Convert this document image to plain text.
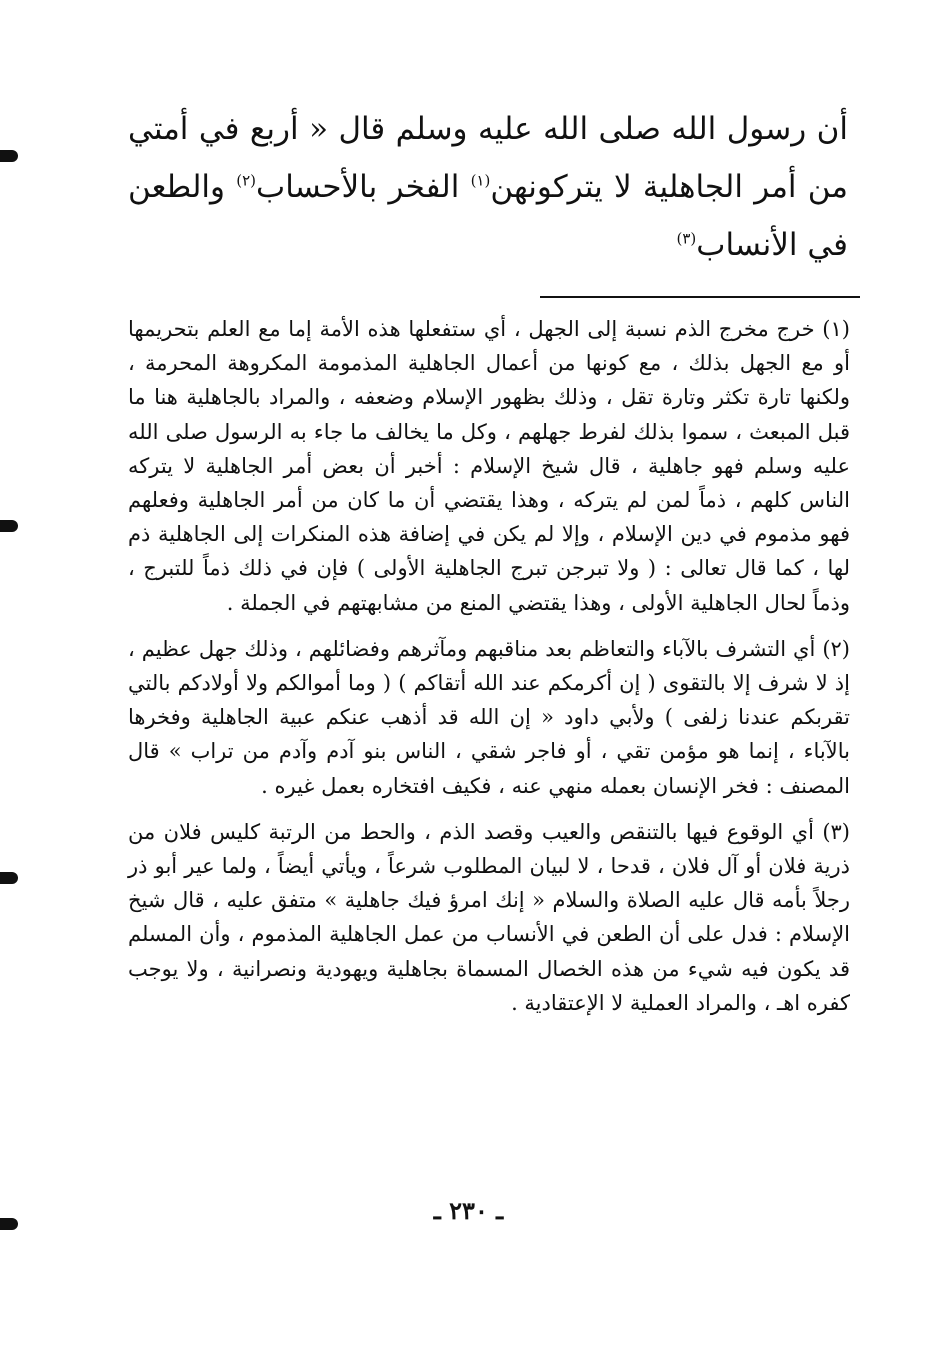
أن رسول الله صلى الله عليه وسلم قال « أربع في أمتي من أمر الجاهلية لا يتركونهن$^{(١)}$ الفخر بالأحساب$^{(٢)}$ والطعن في الأنساب$^{(٣)}$

(١) خرج مخرج الذم نسبة إلى الجهل ، أي ستفعلها هذه الأمة إما مع العلم بتحريمها أو مع الجهل بذلك ، مع كونها من أعمال الجاهلية المذمومة المكروهة المحرمة ، ولكنها تارة تكثر وتارة تقل ، وذلك بظهور الإسلام وضعفه ، والمراد بالجاهلية هنا ما قبل المبعث ، سموا بذلك لفرط جهلهم ، وكل ما يخالف ما جاء به الرسول صلى الله عليه وسلم فهو جاهلية ، قال شيخ الإسلام : أخبر أن بعض أمر الجاهلية لا يتركه الناس كلهم ، ذماً لمن لم يتركه ، وهذا يقتضي أن ما كان من أمر الجاهلية وفعلهم فهو مذموم في دين الإسلام ، وإلا لم يكن في إضافة هذه المنكرات إلى الجاهلية ذم لها ، كما قال تعالى : ( ولا تبرجن تبرج الجاهلية الأولى ) فإن في ذلك ذماً للتبرج ، وذماً لحال الجاهلية الأولى ، وهذا يقتضي المنع من مشابهتهم في الجملة .

(٢) أي التشرف بالآباء والتعاظم بعد مناقبهم ومآثرهم وفضائلهم ، وذلك جهل عظيم ، إذ لا شرف إلا بالتقوى ( إن أكرمكم عند الله أتقاكم ) ( وما أموالكم ولا أولادكم بالتي تقربكم عندنا زلفى ) ولأبي داود « إن الله قد أذهب عنكم عبية الجاهلية وفخرها بالآباء ، إنما هو مؤمن تقي ، أو فاجر شقي ، الناس بنو آدم وآدم من تراب » قال المصنف : فخر الإنسان بعمله منهي عنه ، فكيف افتخاره بعمل غيره .

(٣) أي الوقوع فيها بالتنقص والعيب وقصد الذم ، والحط من الرتبة كليس فلان من ذرية فلان أو آل فلان ، قدحا ، لا لبيان المطلوب شرعاً ، ويأتي أيضاً ، ولما عير أبو ذر رجلاً بأمه قال عليه الصلاة والسلام « إنك امرؤ فيك جاهلية » متفق عليه ، قال شيخ الإسلام : فدل على أن الطعن في الأنساب من عمل الجاهلية المذموم ، وأن المسلم قد يكون فيه شيء من هذه الخصال المسماة بجاهلية ويهودية ونصرانية ، ولا يوجب كفره اهـ ، والمراد العملية لا الإعتقادية .

ـ ٢٣٠ ـ
